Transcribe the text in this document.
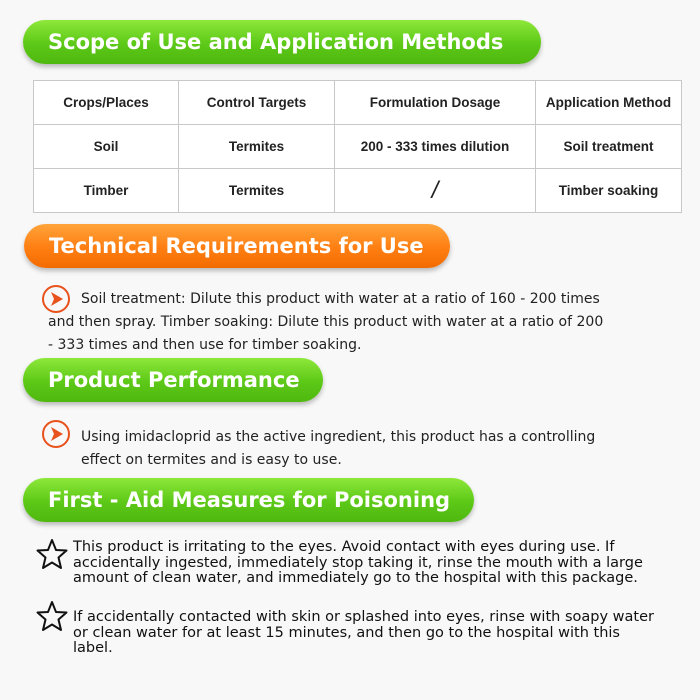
Scope of Use and Application Methods
Crops/Places	Control Targets	Formulation Dosage	Application Method
Soil	Termites	200 - 333 times dilution	Soil treatment
Timber	Termites	/	Timber soaking
Technical Requirements for Use
Soil treatment: Dilute this product with water at a ratio of 160 - 200 times and then spray. Timber soaking: Dilute this product with water at a ratio of 200 - 333 times and then use for timber soaking.
Product Performance
Using imidacloprid as the active ingredient, this product has a controlling effect on termites and is easy to use.
First - Aid Measures for Poisoning
This product is irritating to the eyes. Avoid contact with eyes during use. If accidentally ingested, immediately stop taking it, rinse the mouth with a large amount of clean water, and immediately go to the hospital with this package.
If accidentally contacted with skin or splashed into eyes, rinse with soapy water or clean water for at least 15 minutes, and then go to the hospital with this label.
